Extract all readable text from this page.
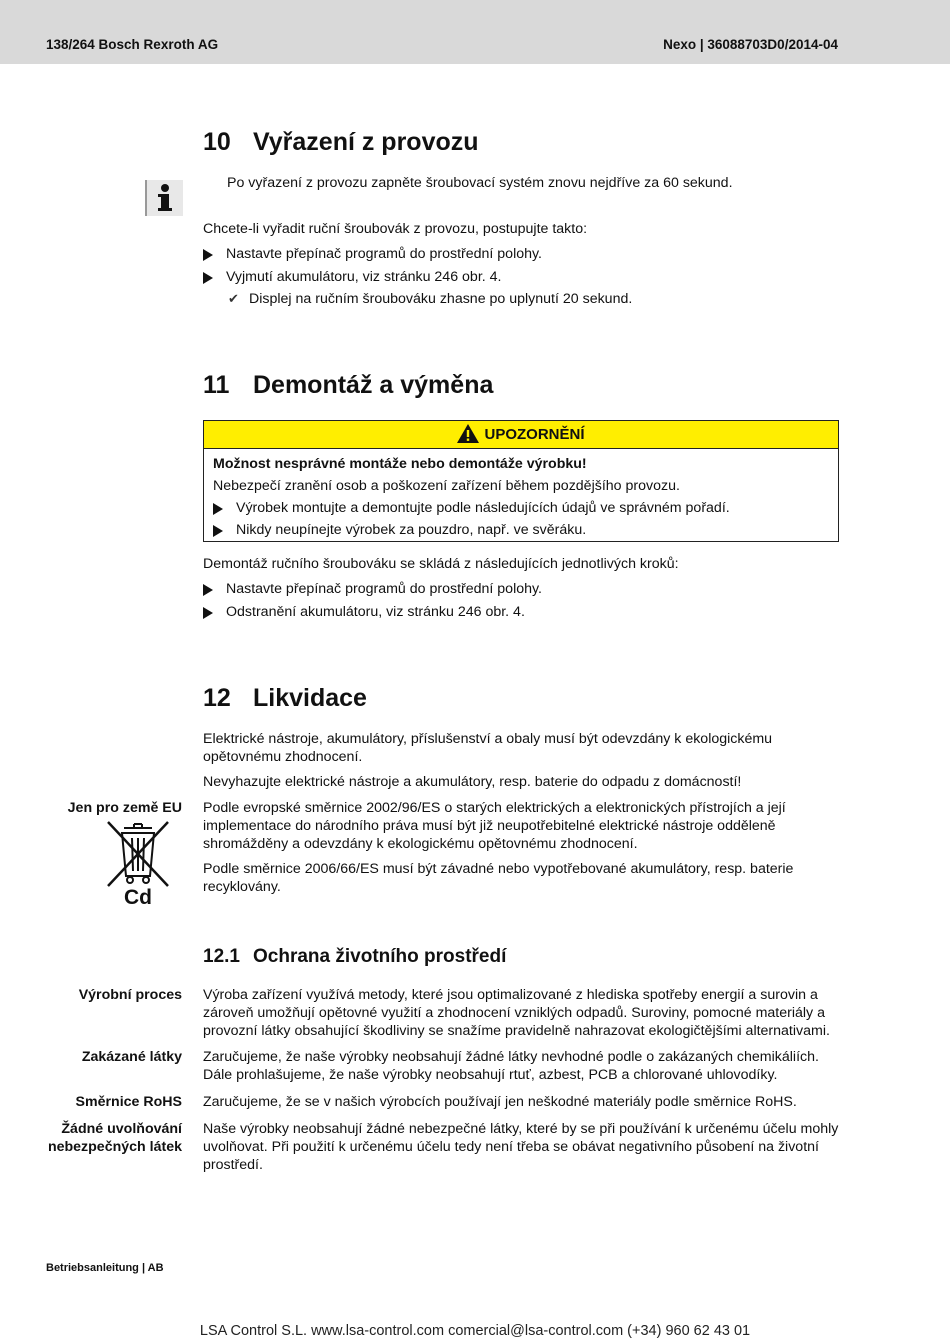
138/264 Bosch Rexroth AG	Nexo | 36088703D0/2014-04
10 Vyřazení z provozu
Po vyřazení z provozu zapněte šroubovací systém znovu nejdříve za 60 sekund.
Chcete-li vyřadit ruční šroubovák z provozu, postupujte takto:
Nastavte přepínač programů do prostřední polohy.
Vyjmutí akumulátoru, viz stránku 246 obr. 4.
✔ Displej na ručním šroubováku zhasne po uplynutí 20 sekund.
11 Demontáž a výměna
UPOZORNĚNÍ
Možnost nesprávné montáže nebo demontáže výrobku!
Nebezpečí zranění osob a poškození zařízení během pozdějšího provozu.
Výrobek montujte a demontujte podle následujících údajů ve správném pořadí.
Nikdy neupínejte výrobek za pouzdro, např. ve svěráku.
Demontáž ručního šroubováku se skládá z následujících jednotlivých kroků:
Nastavte přepínač programů do prostřední polohy.
Odstranění akumulátoru, viz stránku 246 obr. 4.
12 Likvidace
Elektrické nástroje, akumulátory, příslušenství a obaly musí být odevzdány k ekologickému opětovnému zhodnocení.
Nevyhazujte elektrické nástroje a akumulátory, resp. baterie do odpadu z domácností!
Jen pro země EU
Cd
Podle evropské směrnice 2002/96/ES o starých elektrických a elektronických přístrojích a její implementace do národního práva musí být již neupotřebitelné elektrické nástroje odděleně shromážděny a odevzdány k ekologickému opětovnému zhodnocení.
Podle směrnice 2006/66/ES musí být závadné nebo vypotřebované akumulátory, resp. baterie recyklovány.
12.1 Ochrana životního prostředí
Výrobní proces Výroba zařízení využívá metody, které jsou optimalizované z hlediska spotřeby energií a surovin a zároveň umožňují opětovné využití a zhodnocení vzniklých odpadů. Suroviny, pomocné materiály a provozní látky obsahující škodliviny se snažíme pravidelně nahrazovat ekologičtějšími alternativami.
Zakázané látky Zaručujeme, že naše výrobky neobsahují žádné látky nevhodné podle o zakázaných chemikáliích. Dále prohlašujeme, že naše výrobky neobsahují rtuť, azbest, PCB a chlorované uhlovodíky.
Směrnice RoHS Zaručujeme, že se v našich výrobcích používají jen neškodné materiály podle směrnice RoHS.
Žádné uvolňování nebezpečných látek
Naše výrobky neobsahují žádné nebezpečné látky, které by se při používání k určenému účelu mohly uvolňovat. Při použití k určenému účelu tedy není třeba se obávat negativního působení na životní prostředí.
Betriebsanleitung | AB
LSA Control S.L. www.lsa-control.com comercial@lsa-control.com (+34) 960 62 43 01
